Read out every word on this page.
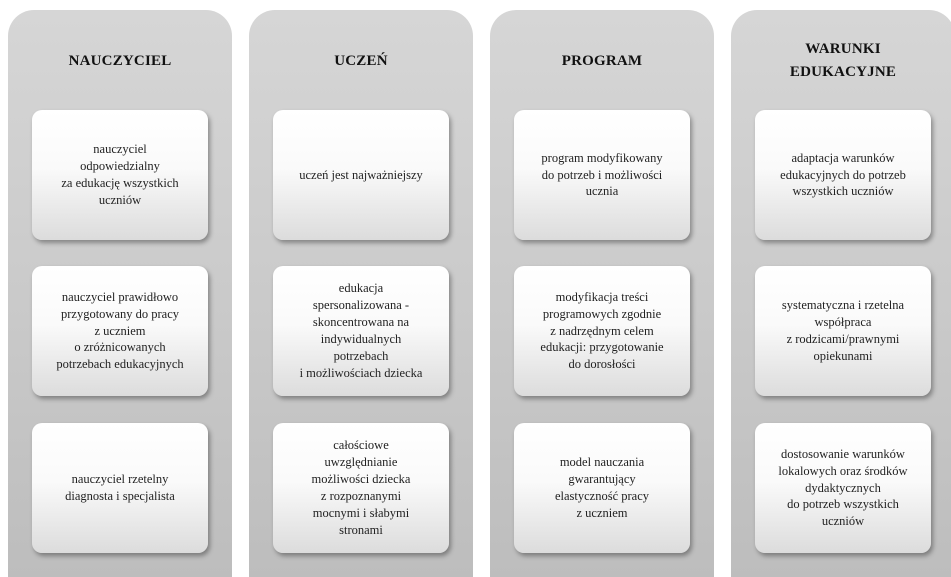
NAUCZYCIEL
nauczyciel
odpowiedzialny
za edukację wszystkich
uczniów
nauczyciel prawidłowo
przygotowany do pracy
z uczniem
o zróżnicowanych
potrzebach edukacyjnych
nauczyciel rzetelny
diagnosta i specjalista
UCZEŃ
uczeń jest najważniejszy
edukacja
spersonalizowana -
skoncentrowana na
indywidualnych
potrzebach
i możliwościach dziecka
całościowe
uwzględnianie
możliwości dziecka
z rozpoznanymi
mocnymi i słabymi
stronami
PROGRAM
program modyfikowany
do potrzeb i możliwości
ucznia
modyfikacja treści
programowych zgodnie
z nadrzędnym celem
edukacji: przygotowanie
do dorosłości
model nauczania
gwarantujący
elastyczność pracy
z uczniem
WARUNKI
EDUKACYJNE
adaptacja warunków
edukacyjnych do potrzeb
wszystkich uczniów
systematyczna i rzetelna
współpraca
z rodzicami/prawnymi
opiekunami
dostosowanie warunków
lokalowych oraz środków
dydaktycznych
do potrzeb wszystkich
uczniów
